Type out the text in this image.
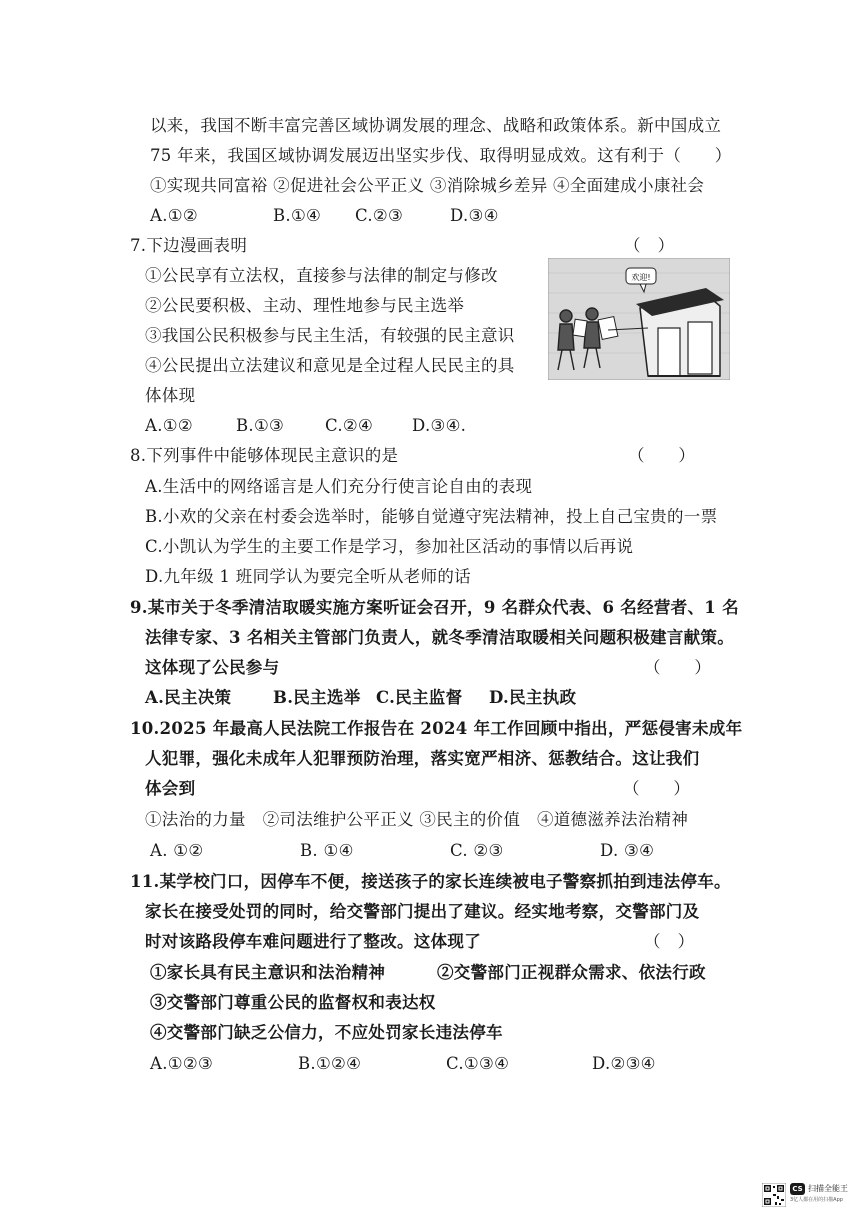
以来，我国不断丰富完善区域协调发展的理念、战略和政策体系。新中国成立
75 年来，我国区域协调发展迈出坚实步伐、取得明显成效。这有利于（　　）
①实现共同富裕 ②促进社会公平正义 ③消除城乡差异 ④全面建成小康社会
A.①②	B.①④ C.②③	D.③④
7.下边漫画表明	（　）
①公民享有立法权，直接参与法律的制定与修改
②公民要积极、主动、理性地参与民主选举
③我国公民积极参与民主生活，有较强的民主意识
④公民提出立法建议和意见是全过程人民民主的具
体体现
A.①②	B.①③ C.②④ D.③④.
欢迎!
8.下列事件中能够体现民主意识的是	（　　）
A.生活中的网络谣言是人们充分行使言论自由的表现
B.小欢的父亲在村委会选举时，能够自觉遵守宪法精神，投上自己宝贵的一票
C.小凯认为学生的主要工作是学习，参加社区活动的事情以后再说
D.九年级 1 班同学认为要完全听从老师的话
9.某市关于冬季清洁取暖实施方案听证会召开，9 名群众代表、6 名经营者、1 名
法律专家、3 名相关主管部门负责人，就冬季清洁取暖相关问题积极建言献策。
这体现了公民参与	（　　）
A.民主决策	B.民主选举 C.民主监督 D.民主执政
10.2025 年最高人民法院工作报告在 2024 年工作回顾中指出，严惩侵害未成年
人犯罪，强化未成年人犯罪预防治理，落实宽严相济、惩教结合。这让我们
体会到	（　　）
①法治的力量　②司法维护公平正义 ③民主的价值　④道德滋养法治精神
A. ①②	B. ①④	C. ②③	D. ③④
11.某学校门口，因停车不便，接送孩子的家长连续被电子警察抓拍到违法停车。
家长在接受处罚的同时，给交警部门提出了建议。经实地考察，交警部门及
时对该路段停车难问题进行了整改。这体现了	（　）
①家长具有民主意识和法治精神	②交警部门正视群众需求、依法行政
③交警部门尊重公民的监督权和表达权
④交警部门缺乏公信力，不应处罚家长违法停车
A.①②③	B.①②④	C.①③④	D.②③④
CS 扫描全能王
3亿人都在用的扫描App
